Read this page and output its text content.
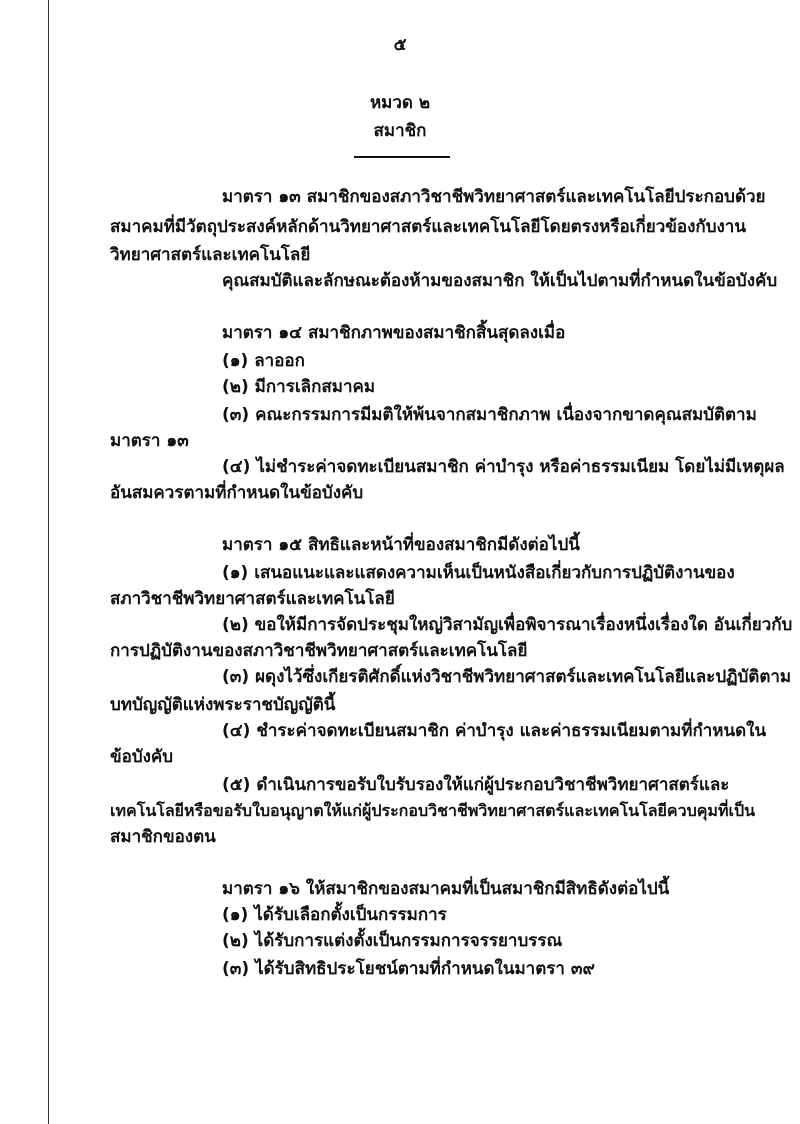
๕
หมวด ๒
สมาชิก
มาตรา ๑๓ สมาชิกของสภาวิชาชีพวิทยาศาสตร์และเทคโนโลยีประกอบด้วย
สมาคมที่มีวัตถุประสงค์หลักด้านวิทยาศาสตร์และเทคโนโลยีโดยตรงหรือเกี่ยวข้องกับงาน
วิทยาศาสตร์และเทคโนโลยี
คุณสมบัติและลักษณะต้องห้ามของสมาชิก ให้เป็นไปตามที่กำหนดในข้อบังคับ
มาตรา ๑๔ สมาชิกภาพของสมาชิกสิ้นสุดลงเมื่อ
(๑) ลาออก
(๒) มีการเลิกสมาคม
(๓) คณะกรรมการมีมติให้พ้นจากสมาชิกภาพ เนื่องจากขาดคุณสมบัติตาม
มาตรา ๑๓
(๔) ไม่ชำระค่าจดทะเบียนสมาชิก ค่าบำรุง หรือค่าธรรมเนียม โดยไม่มีเหตุผล
อันสมควรตามที่กำหนดในข้อบังคับ
มาตรา ๑๕ สิทธิและหน้าที่ของสมาชิกมีดังต่อไปนี้
(๑) เสนอแนะและแสดงความเห็นเป็นหนังสือเกี่ยวกับการปฏิบัติงานของ
สภาวิชาชีพวิทยาศาสตร์และเทคโนโลยี
(๒) ขอให้มีการจัดประชุมใหญ่วิสามัญเพื่อพิจารณาเรื่องหนึ่งเรื่องใด อันเกี่ยวกับ
การปฏิบัติงานของสภาวิชาชีพวิทยาศาสตร์และเทคโนโลยี
(๓) ผดุงไว้ซึ่งเกียรติศักดิ์แห่งวิชาชีพวิทยาศาสตร์และเทคโนโลยีและปฏิบัติตาม
บทบัญญัติแห่งพระราชบัญญัตินี้
(๔) ชำระค่าจดทะเบียนสมาชิก ค่าบำรุง และค่าธรรมเนียมตามที่กำหนดใน
ข้อบังคับ
(๕) ดำเนินการขอรับใบรับรองให้แก่ผู้ประกอบวิชาชีพวิทยาศาสตร์และ
เทคโนโลยีหรือขอรับใบอนุญาตให้แก่ผู้ประกอบวิชาชีพวิทยาศาสตร์และเทคโนโลยีควบคุมที่เป็น
สมาชิกของตน
มาตรา ๑๖ ให้สมาชิกของสมาคมที่เป็นสมาชิกมีสิทธิดังต่อไปนี้
(๑) ได้รับเลือกตั้งเป็นกรรมการ
(๒) ได้รับการแต่งตั้งเป็นกรรมการจรรยาบรรณ
(๓) ได้รับสิทธิประโยชน์ตามที่กำหนดในมาตรา ๓๙
